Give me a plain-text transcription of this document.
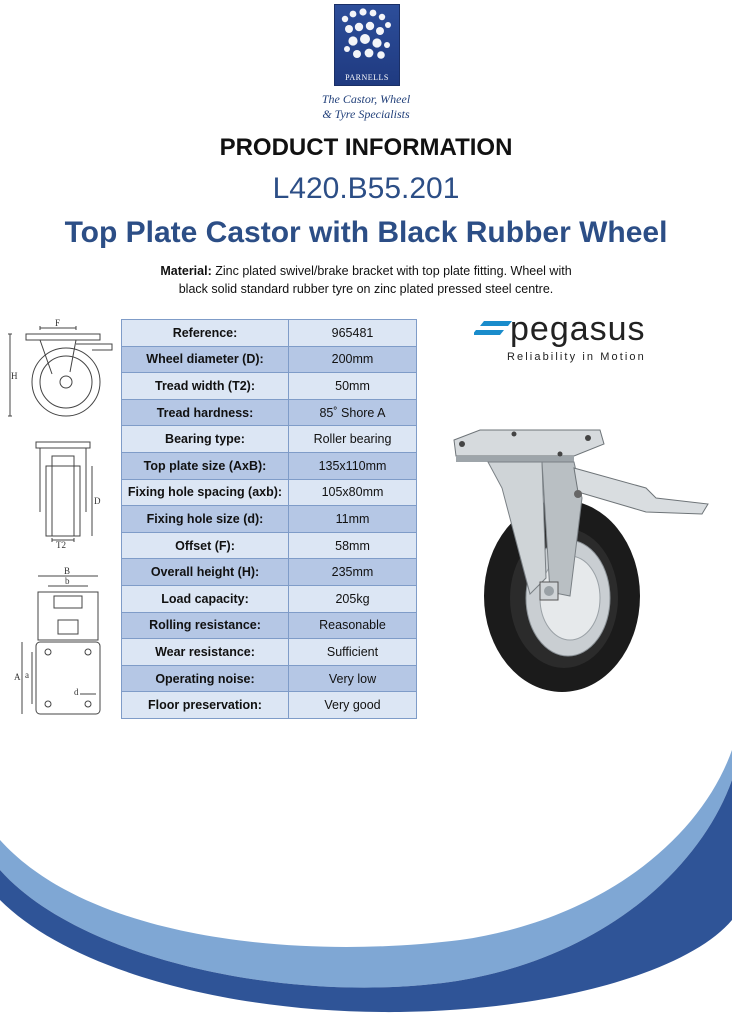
PARNELLS
The Castor, Wheel
& Tyre Specialists
PRODUCT INFORMATION
L420.B55.201
Top Plate Castor with Black Rubber Wheel
Material: Zinc plated swivel/brake bracket with top plate fitting. Wheel with
black solid standard rubber tyre on zinc plated pressed steel centre.
F
H
T2
D
B
b
A a
d
Reference:	965481
Wheel diameter (D):	200mm
Tread width (T2):	50mm
Tread hardness:	85˚ Shore A
Bearing type:	Roller bearing
Top plate size (AxB):	135x110mm
Fixing hole spacing (axb):	105x80mm
Fixing hole size (d):	11mm
Offset (F):	58mm
Overall height (H):	235mm
Load capacity:	205kg
Rolling resistance:	Reasonable
Wear resistance:	Sufficient
Operating noise:	Very low
Floor preservation:	Very good
pegasus
Reliability in Motion
